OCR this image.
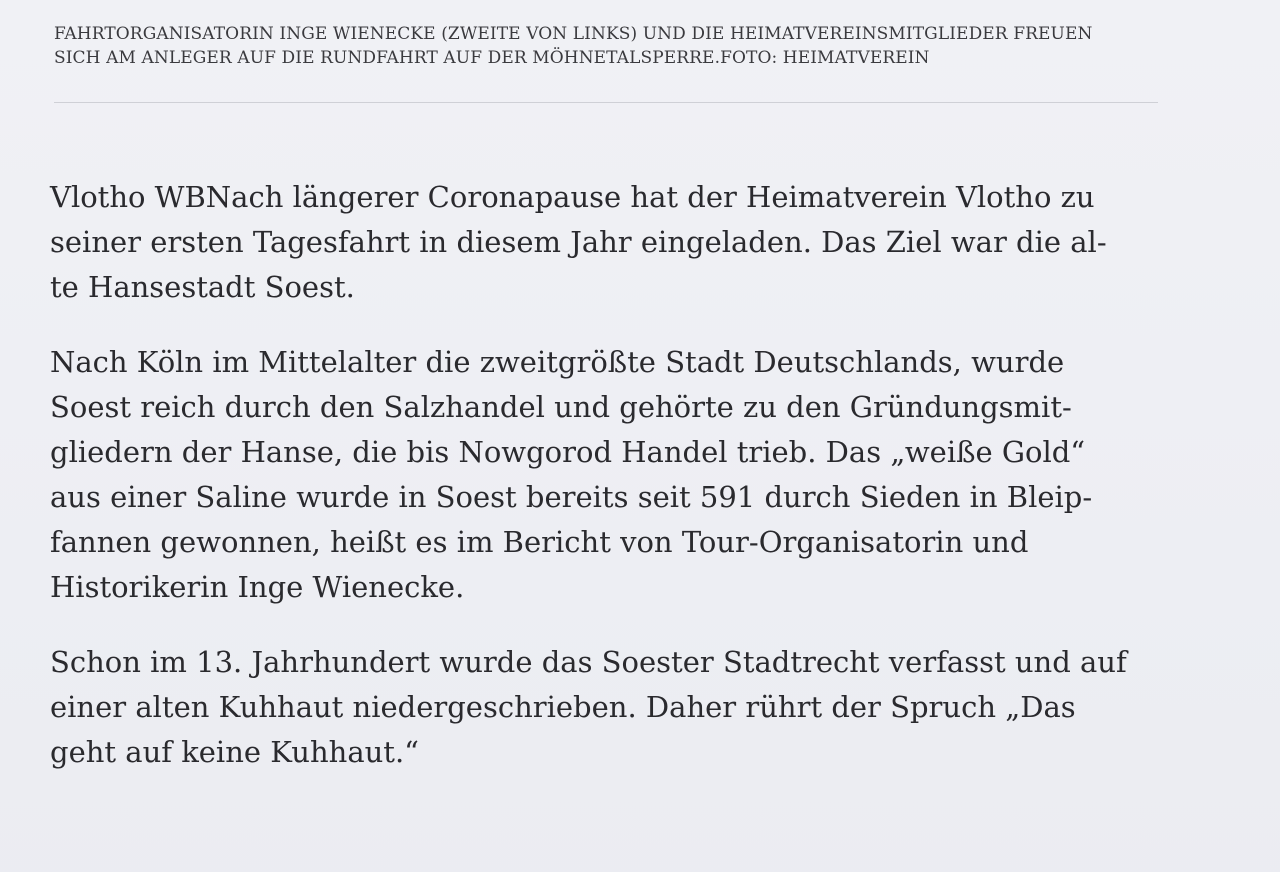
FAHRTORGANISATORIN INGE WIENECKE (ZWEITE VON LINKS) UND DIE HEIMATVEREINSMITGLIEDER FREUEN
SICH AM ANLEGER AUF DIE RUNDFAHRT AUF DER MÖHNETALSPERRE.FOTO: HEIMATVEREIN
Vlotho WBNach längerer Coronapause hat der Heimatverein Vlotho zu
seiner ersten Tagesfahrt in diesem Jahr eingeladen. Das Ziel war die al-
te Hansestadt Soest.
Nach Köln im Mittelalter die zweitgrößte Stadt Deutschlands, wurde
Soest reich durch den Salzhandel und gehörte zu den Gründungsmit-
gliedern der Hanse, die bis Nowgorod Handel trieb. Das „weiße Gold“
aus einer Saline wurde in Soest bereits seit 591 durch Sieden in Bleip-
fannen gewonnen, heißt es im Bericht von Tour-Organisatorin und
Historikerin Inge Wienecke.
Schon im 13. Jahrhundert wurde das Soester Stadtrecht verfasst und auf
einer alten Kuhhaut niedergeschrieben. Daher rührt der Spruch „Das
geht auf keine Kuhhaut.“
